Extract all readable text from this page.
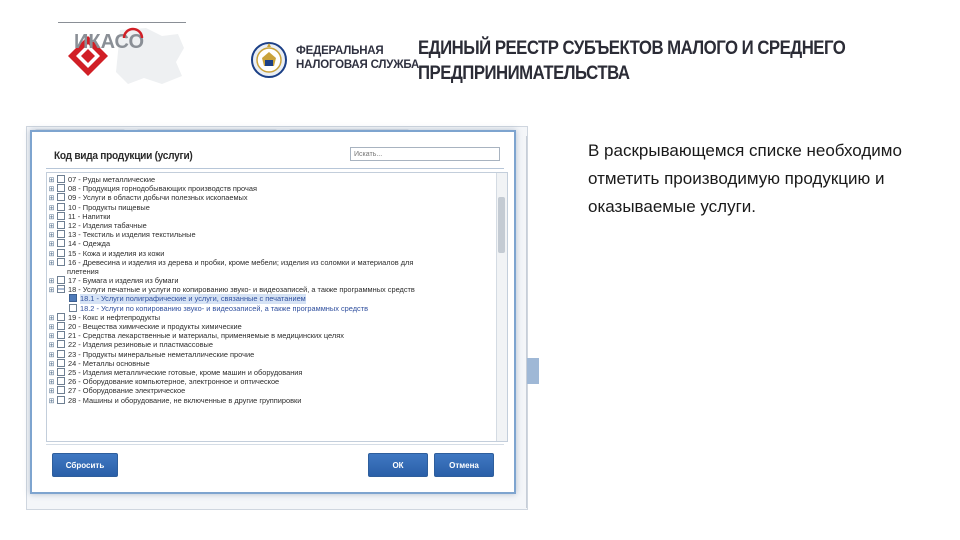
ИКАСО	ФЕДЕРАЛЬНАЯ
НАЛОГОВАЯ СЛУЖБА
ЕДИНЫЙ РЕЕСТР СУБЪЕКТОВ МАЛОГО И СРЕДНЕГО
ПРЕДПРИНИМАТЕЛЬСТВА
Код вида продукции (услуги)
Искать...
⊞ 07 - Руды металлические
⊞ 08 - Продукция горнодобывающих производств прочая
⊞ 09 - Услуги в области добычи полезных ископаемых
⊞ 10 - Продукты пищевые
⊞ 11 - Напитки
⊞ 12 - Изделия табачные
⊞ 13 - Текстиль и изделия текстильные
⊞ 14 - Одежда
⊞ 15 - Кожа и изделия из кожи
⊞ 16 - Древесина и изделия из дерева и пробки, кроме мебели; изделия из соломки и материалов для
плетения
⊞ 17 - Бумага и изделия из бумаги
⊞ 18 - Услуги печатные и услуги по копированию звуко- и видеозаписей, а также программных средств
18.1 - Услуги полиграфические и услуги, связанные с печатанием
18.2 - Услуги по копированию звуко- и видеозаписей, а также программных средств
⊞ 19 - Кокс и нефтепродукты
⊞ 20 - Вещества химические и продукты химические
⊞ 21 - Средства лекарственные и материалы, применяемые в медицинских целях
⊞ 22 - Изделия резиновые и пластмассовые
⊞ 23 - Продукты минеральные неметаллические прочие
⊞ 24 - Металлы основные
⊞ 25 - Изделия металлические готовые, кроме машин и оборудования
⊞ 26 - Оборудование компьютерное, электронное и оптическое
⊞ 27 - Оборудование электрическое
⊞ 28 - Машины и оборудование, не включенные в другие группировки
Сбросить	ОК	Отмена
В раскрывающемся списке необходимо отметить производимую продукцию и оказываемые услуги.
